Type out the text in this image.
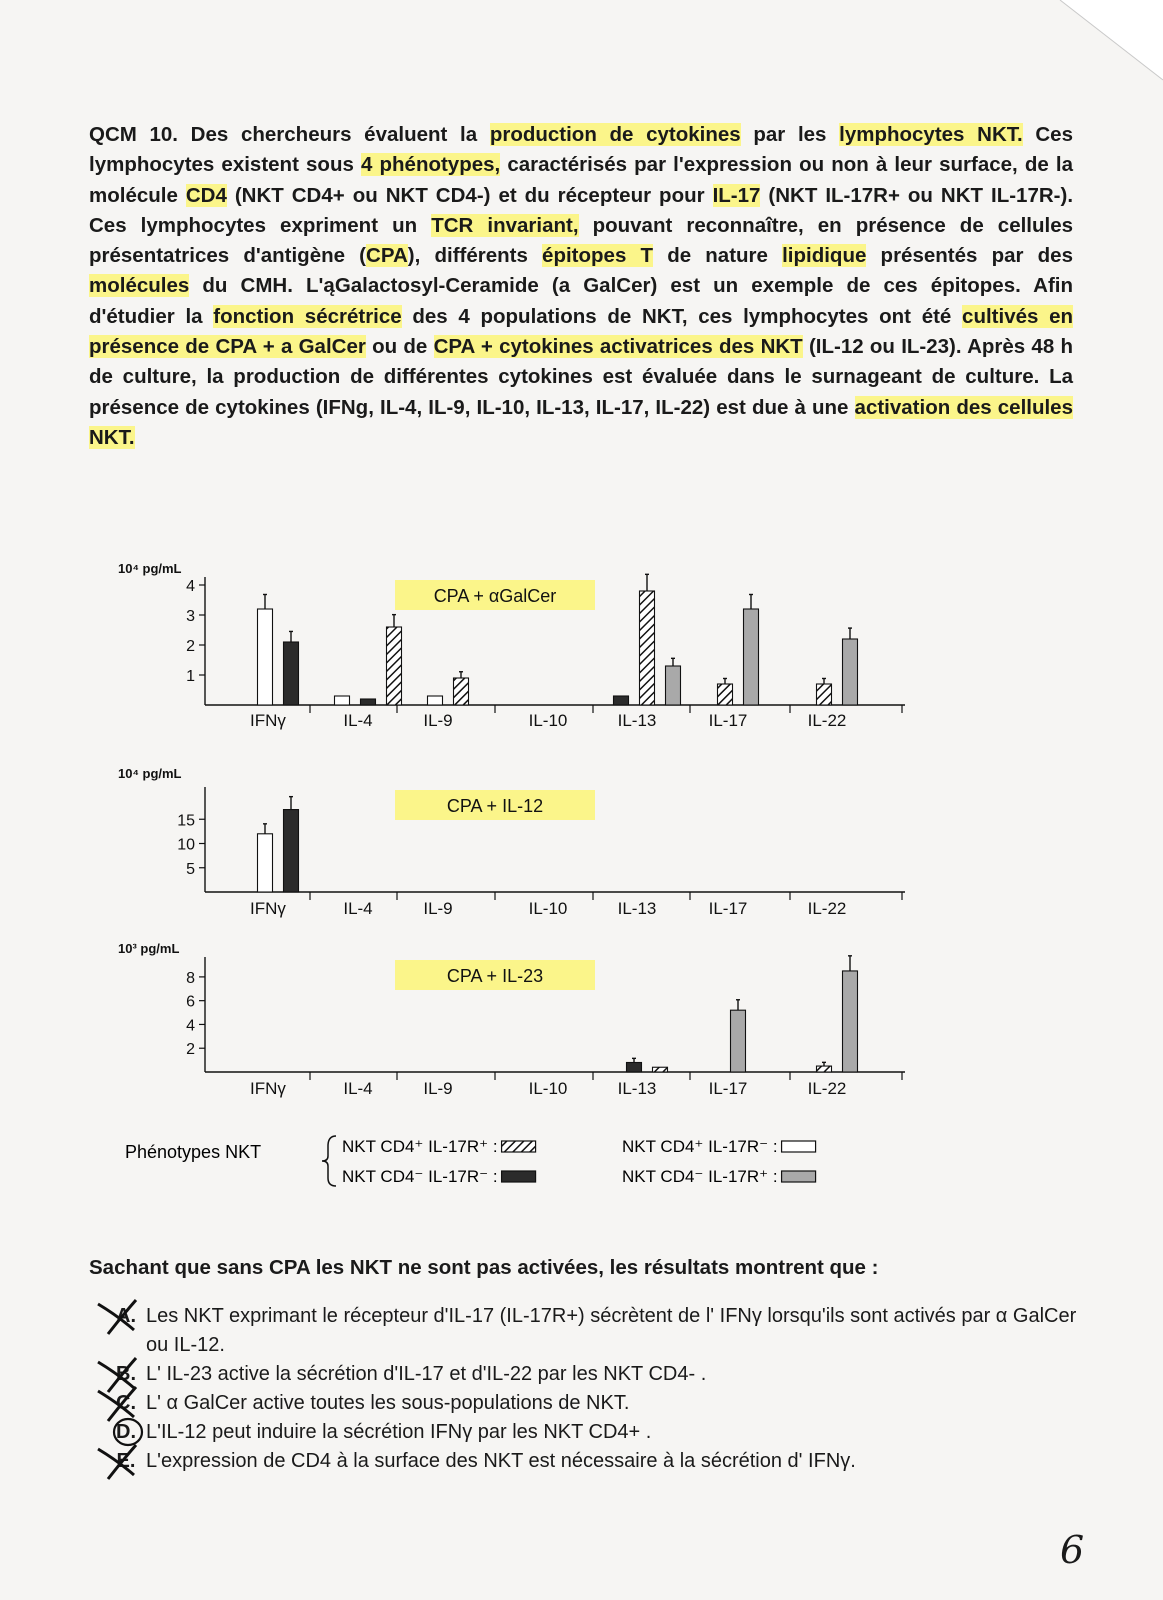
QCM 10. Des chercheurs évaluent la production de cytokines par les lymphocytes NKT. Ces lymphocytes existent sous 4 phénotypes, caractérisés par l'expression ou non à leur surface, de la molécule CD4 (NKT CD4+ ou NKT CD4-) et du récepteur pour IL-17 (NKT IL-17R+ ou NKT IL-17R-). Ces lymphocytes expriment un TCR invariant, pouvant reconnaître, en présence de cellules présentatrices d'antigène (CPA), différents épitopes T de nature lipidique présentés par des molécules du CMH. L'ąGalactosyl-Ceramide (a GalCer) est un exemple de ces épitopes. Afin d'étudier la fonction sécrétrice des 4 populations de NKT, ces lymphocytes ont été cultivés en présence de CPA + a GalCer ou de CPA + cytokines activatrices des NKT (IL-12 ou IL-23). Après 48 h de culture, la production de différentes cytokines est évaluée dans le surnageant de culture. La présence de cytokines (IFNg, IL-4, IL-9, IL-10, IL-13, IL-17, IL-22) est due à une activation des cellules NKT.
10⁴ pg/mL
1
2
3
4
IFNγ	IL-4	IL-9	IL-10	IL-13	IL-17	IL-22
CPA + αGalCer
10⁴ pg/mL
5
10
15
IFNγ	IL-4	IL-9	IL-10	IL-13	IL-17	IL-22
CPA + IL-12
10³ pg/mL
2
4
6
8
IFNγ	IL-4	IL-9	IL-10	IL-13	IL-17	IL-22
CPA + IL-23
Phénotypes NKT	NKT CD4⁺ IL-17R⁺ :	NKT CD4⁺ IL-17R⁻ :
NKT CD4⁻ IL-17R⁻ :	NKT CD4⁻ IL-17R⁺ :
Sachant que sans CPA les NKT ne sont pas activées, les résultats montrent que :
A. Les NKT exprimant le récepteur d'IL-17 (IL-17R+) sécrètent de l' IFNγ lorsqu'ils sont activés par α GalCer ou IL-12.
B. L' IL-23 active la sécrétion d'IL-17 et d'IL-22 par les NKT CD4- .
C. L' α GalCer active toutes les sous-populations de NKT.
D. L'IL-12 peut induire la sécrétion IFNγ par les NKT CD4+ .
E. L'expression de CD4 à la surface des NKT est nécessaire à la sécrétion d' IFNγ.
6
